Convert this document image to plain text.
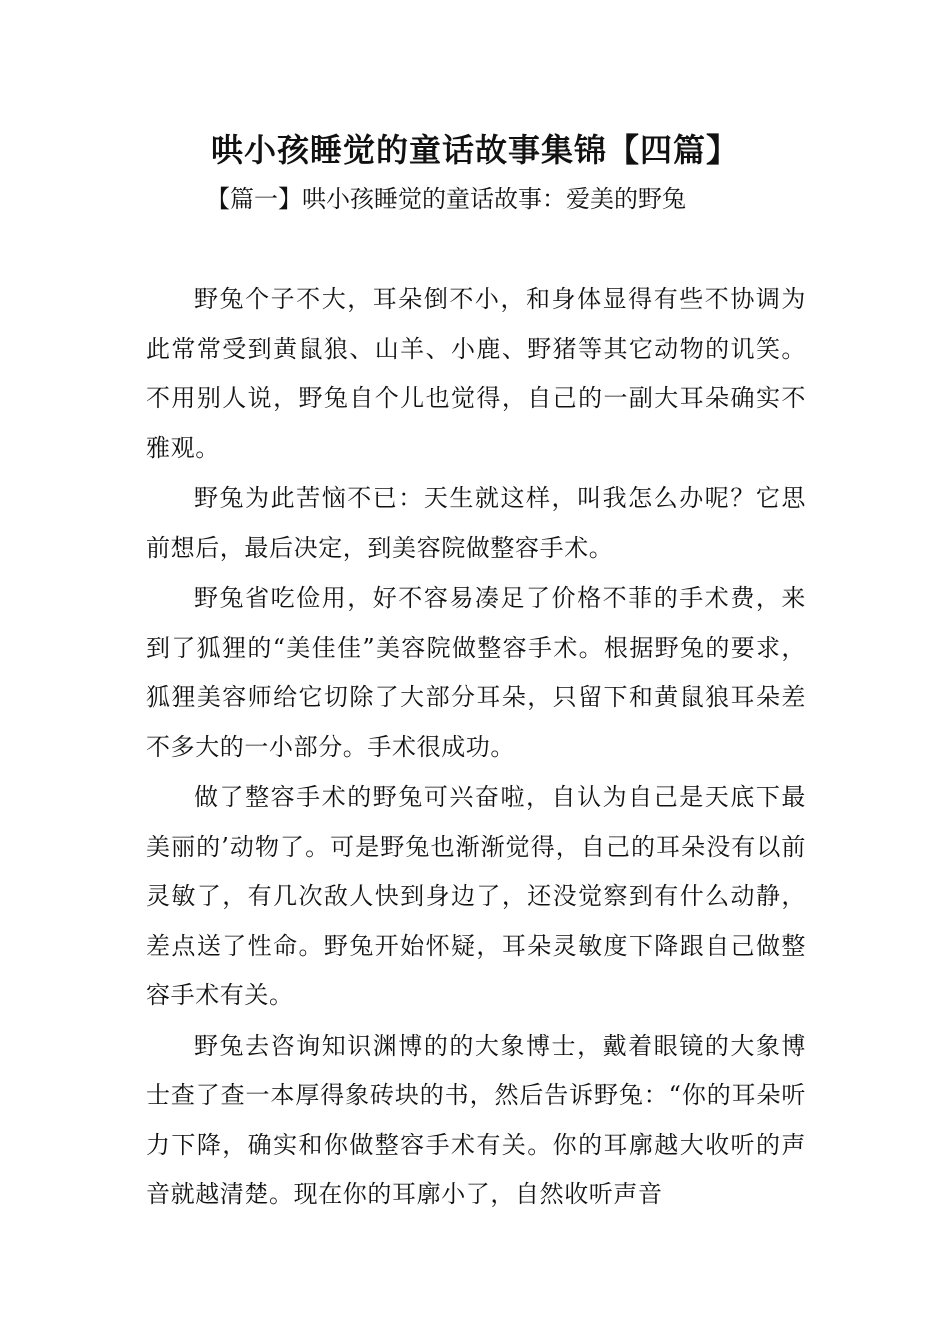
哄小孩睡觉的童话故事集锦【四篇】
【篇一】哄小孩睡觉的童话故事：爱美的野兔

野兔个子不大，耳朵倒不小，和身体显得有些不协调为此常常受到黄鼠狼、山羊、小鹿、野猪等其它动物的讥笑。不用别人说，野兔自个儿也觉得，自己的一副大耳朵确实不雅观。

野兔为此苦恼不已：天生就这样，叫我怎么办呢？它思前想后，最后决定，到美容院做整容手术。

野兔省吃俭用，好不容易凑足了价格不菲的手术费，来到了狐狸的“美佳佳”美容院做整容手术。根据野兔的要求，狐狸美容师给它切除了大部分耳朵，只留下和黄鼠狼耳朵差不多大的一小部分。手术很成功。

做了整容手术的野兔可兴奋啦，自认为自己是天底下最美丽的’动物了。可是野兔也渐渐觉得，自己的耳朵没有以前灵敏了，有几次敌人快到身边了，还没觉察到有什么动静，差点送了性命。野兔开始怀疑，耳朵灵敏度下降跟自己做整容手术有关。

野兔去咨询知识渊博的的大象博士，戴着眼镜的大象博士查了查一本厚得象砖块的书，然后告诉野兔：“你的耳朵听力下降，确实和你做整容手术有关。你的耳廓越大收听的声音就越清楚。现在你的耳廓小了，自然收听声音
